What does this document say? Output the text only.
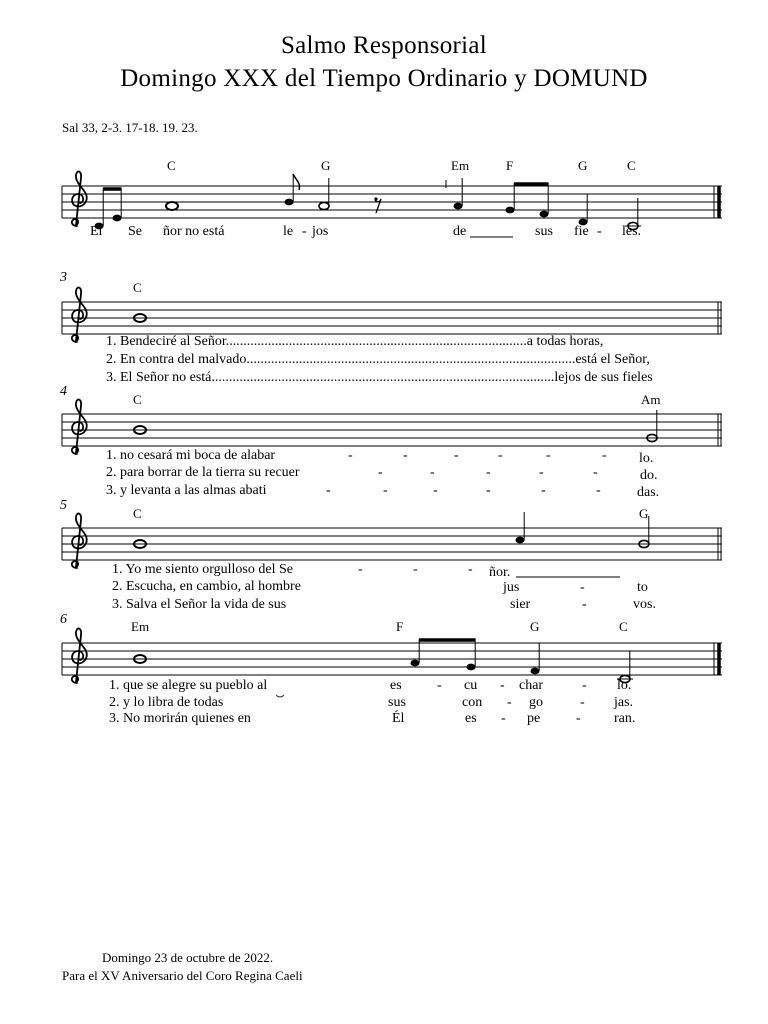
Salmo Responsorial
Domingo XXX del Tiempo Ordinario y DOMUND
Sal 33, 2-3. 17-18. 19. 23.
C	G	Em	F	G	C
El Se ñor no está	le - jos	de	sus fie - les.
3
C
1. Bendeciré al Señor......................................................................................a todas horas,
2. En contra del malvado..............................................................................................está el Señor,
3. El Señor no está..................................................................................................lejos de sus fieles
4
C	Am
1. no cesará mi boca de alabar
2. para borrar de la tierra su recuer
3. y levanta a las almas abati
lo.
do.
das.
-	-	-	-	-	-
-	-	-	-	-
-	-	-	-	-	-
5
C	G
1. Yo me siento orgulloso del Se
2. Escucha, en cambio, al hombre
3. Salva el Señor la vida de sus
ñor.
jus
sier
to
vos.
-	-	-
-
-
6	Em	F	G	C
1. que se alegre su pueblo al
2. y lo libra de todas
3. No morirán quienes en
es	cu	char	lo.
sus	con	go	jas.
Él	es	pe	ran.
-	-	-
-	-
-	-
Domingo 23 de octubre de 2022.
Para el XV Aniversario del Coro Regina Caeli
